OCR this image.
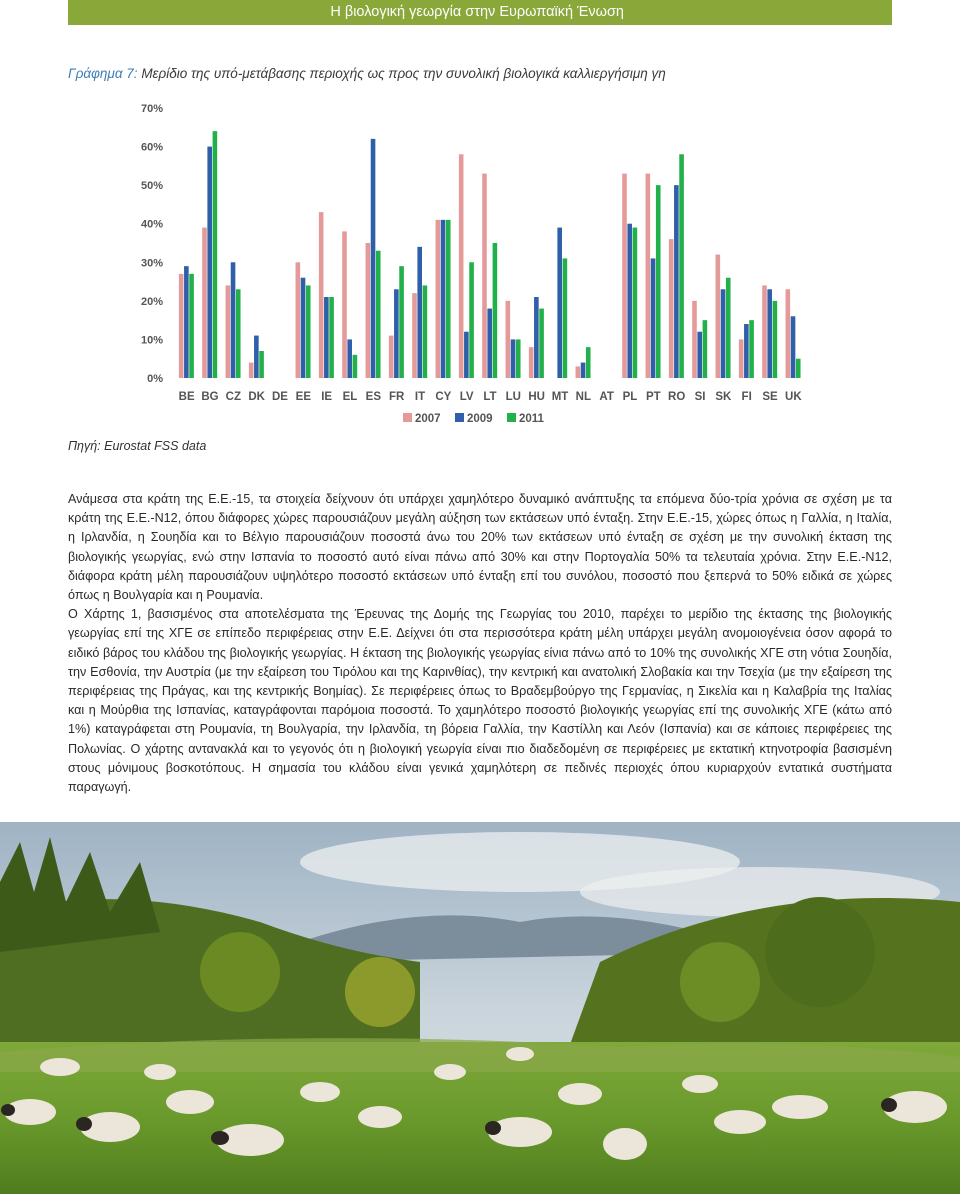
Η βιολογική γεωργία στην Ευρωπαϊκή Ένωση
Γράφημα 7: Μερίδιο της υπό-μετάβασης περιοχής ως προς την συνολική βιολογικά καλλιεργήσιμη γη
0%
10%
20%
30%
40%
50%
60%
70%
BE BG CZ DK DE EE IE EL ES FR IT CY LV LT LU HU MT NL AT PL PT RO SI SK FI SE UK
2007 2009 2011
Πηγή: Eurostat FSS data

Ανάμεσα στα κράτη της Ε.Ε.-15, τα στοιχεία δείχνουν ότι υπάρχει χαμηλότερο δυναμικό ανάπτυξης τα επόμενα δύο-τρία χρόνια σε σχέση με τα κράτη της Ε.Ε.-Ν12, όπου διάφορες χώρες παρουσιάζουν μεγάλη αύξηση των εκτάσεων υπό ένταξη. Στην Ε.Ε.-15, χώρες όπως η Γαλλία, η Ιταλία, η Ιρλανδία, η Σουηδία και το Βέλγιο παρουσιάζουν ποσοστά άνω του 20% των εκτάσεων υπό ένταξη σε σχέση με την συνολική έκταση της βιολογικής γεωργίας, ενώ στην Ισπανία το ποσοστό αυτό είναι πάνω από 30% και στην Πορτογαλία 50% τα τελευταία χρόνια. Στην Ε.Ε.-Ν12, διάφορα κράτη μέλη παρουσιάζουν υψηλότερο ποσοστό εκτάσεων υπό ένταξη επί του συνόλου, ποσοστό που ξεπερνά το 50% ειδικά σε χώρες όπως η Βουλγαρία και η Ρουμανία.

Ο Χάρτης 1, βασισμένος στα αποτελέσματα της Έρευνας της Δομής της Γεωργίας του 2010, παρέχει το μερίδιο της έκτασης της βιολογικής γεωργίας επί της ΧΓΕ σε επίπεδο περιφέρειας στην Ε.Ε. Δείχνει ότι στα περισσότερα κράτη μέλη υπάρχει μεγάλη ανομοιογένεια όσον αφορά το ειδικό βάρος του κλάδου της βιολογικής γεωργίας. Η έκταση της βιολογικής γεωργίας είνια πάνω από το 10% της συνολικής ΧΓΕ στη νότια Σουηδία, την Εσθονία, την Αυστρία (με την εξαίρεση του Τιρόλου και της Καρινθίας), την κεντρική και ανατολική Σλοβακία και την Τσεχία (με την εξαίρεση της περιφέρειας της Πράγας, και της κεντρικής Βοημίας). Σε περιφέρειες όπως το Βραδεμβούργο της Γερμανίας, η Σικελία και η Καλαβρία της Ιταλίας και η Μούρθια της Ισπανίας, καταγράφονται παρόμοια ποσοστά. Το χαμηλότερο ποσοστό βιολογικής γεωργίας επί της συνολικής ΧΓΕ (κάτω από 1%) καταγράφεται στη Ρουμανία, τη Βουλγαρία, την Ιρλανδία, τη βόρεια Γαλλία, την Καστίλλη και Λεόν (Ισπανία) και σε κάποιες περιφέρειες της Πολωνίας. Ο χάρτης αντανακλά και το γεγονός ότι η βιολογική γεωργία είναι πιο διαδεδομένη σε περιφέρειες με εκτατική κτηνοτροφία βασισμένη στους μόνιμους βοσκοτόπους. Η σημασία του κλάδου είναι γενικά χαμηλότερη σε πεδινές περιοχές όπου κυριαρχούν εντατικά συστήματα παραγωγή.
